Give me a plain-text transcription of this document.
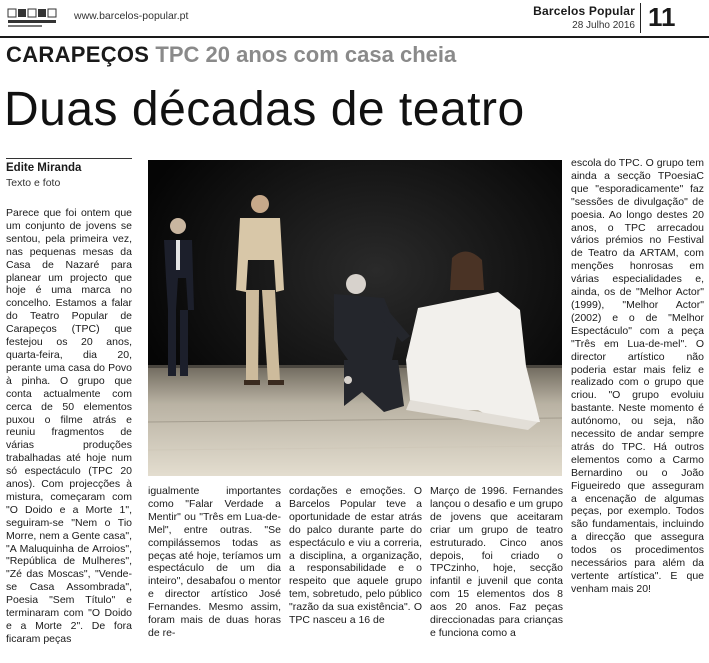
www.barcelos-popular.pt	Barcelos Popular
28 Julho 2016 11
CARAPEÇOS TPC 20 anos com casa cheia
Duas décadas de teatro
Edite Miranda
Texto e foto

Parece que foi ontem que um conjunto de jovens se sentou, pela primeira vez, nas pequenas mesas da Casa de Nazaré para planear um projecto que hoje é uma marca no concelho. Estamos a falar do Teatro Popular de Carapeços (TPC) que festejou os 20 anos, quarta-feira, dia 20, perante uma casa do Povo à pinha. O grupo que conta actualmente com cerca de 50 elementos puxou o filme atrás e reuniu fragmentos de várias produções trabalhadas até hoje num só espectáculo (TPC 20 anos). Com projecções à mistura, começaram com "O Doido e a Morte 1", seguiram-se "Nem o Tio Morre, nem a Gente casa", "A Maluquinha de Arroios", "República de Mulheres", "Zé das Moscas", "Vende-se Casa Assombrada", Poesia "Sem Título" e terminaram com "O Doido e a Morte 2". De fora ficaram peças

igualmente importantes como "Falar Verdade a Mentir" ou "Três em Lua-de-Mel", entre outras. "Se compilássemos todas as peças até hoje, teríamos um espectáculo de um dia inteiro", desabafou o mentor e director artístico José Fernandes. Mesmo assim, foram mais de duas horas de re-

cordações e emoções. O Barcelos Popular teve a oportunidade de estar atrás do palco durante parte do espectáculo e viu a correria, a disciplina, a organização, a responsabilidade e o respeito que aquele grupo tem, sobretudo, pelo público "razão da sua existência". O TPC nasceu a 16 de

Março de 1996. Fernandes lançou o desafio e um grupo de jovens que aceitaram criar um grupo de teatro estruturado. Cinco anos depois, foi criado o TPCzinho, hoje, secção infantil e juvenil que conta com 15 elementos dos 8 aos 20 anos. Faz peças direccionadas para crianças e funciona como a

escola do TPC. O grupo tem ainda a secção TPoesiaC que "esporadicamente" faz "sessões de divulgação" de poesia. Ao longo destes 20 anos, o TPC arrecadou vários prémios no Festival de Teatro da ARTAM, com menções honrosas em várias especialidades e, ainda, os de "Melhor Actor" (1999), "Melhor Actor" (2002) e o de "Melhor Espectáculo" com a peça "Três em Lua-de-mel". O director artístico não poderia estar mais feliz e realizado com o grupo que criou. "O grupo evoluiu bastante. Neste momento é autónomo, ou seja, não necessito de andar sempre atrás do TPC. Há outros elementos como a Carmo Bernardino ou o João Figueiredo que asseguram a encenação de algumas peças, por exemplo. Todos são fundamentais, incluindo a direcção que assegura todos os procedimentos necessários para além da vertente artística". E que venham mais 20!
